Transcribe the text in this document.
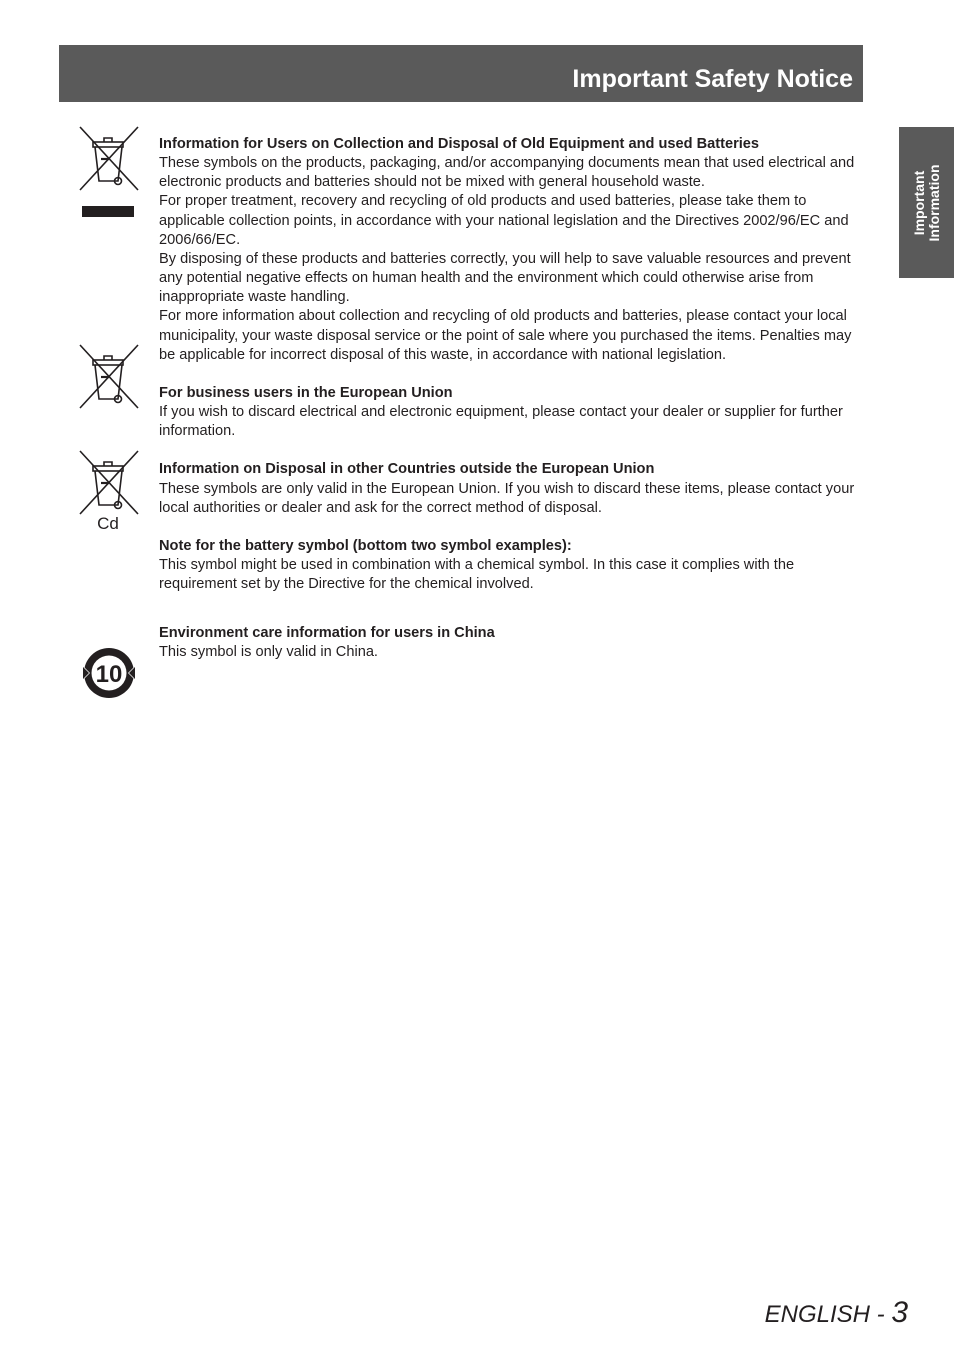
Important Safety Notice
Important Information
Cd
10
Information for Users on Collection and Disposal of Old Equipment and used Batteries

These symbols on the products, packaging, and/or accompanying documents mean that used electrical and electronic products and batteries should not be mixed with general household waste.

For proper treatment, recovery and recycling of old products and used batteries, please take them to applicable collection points, in accordance with your national legislation and the Directives 2002/96/EC and 2006/66/EC.

By disposing of these products and batteries correctly, you will help to save valuable resources and prevent any potential negative effects on human health and the environment which could otherwise arise from inappropriate waste handling.

For more information about collection and recycling of old products and batteries, please contact your local municipality, your waste disposal service or the point of sale where you purchased the items. Penalties may be applicable for incorrect disposal of this waste, in accordance with national legislation.

For business users in the European Union

If you wish to discard electrical and electronic equipment, please contact your dealer or supplier for further information.

Information on Disposal in other Countries outside the European Union

These symbols are only valid in the European Union. If you wish to discard these items, please contact your local authorities or dealer and ask for the correct method of disposal.

Note for the battery symbol (bottom two symbol examples):

This symbol might be used in combination with a chemical symbol. In this case it complies with the requirement set by the Directive for the chemical involved.

Environment care information for users in China

This symbol is only valid in China.

ENGLISH - 3
